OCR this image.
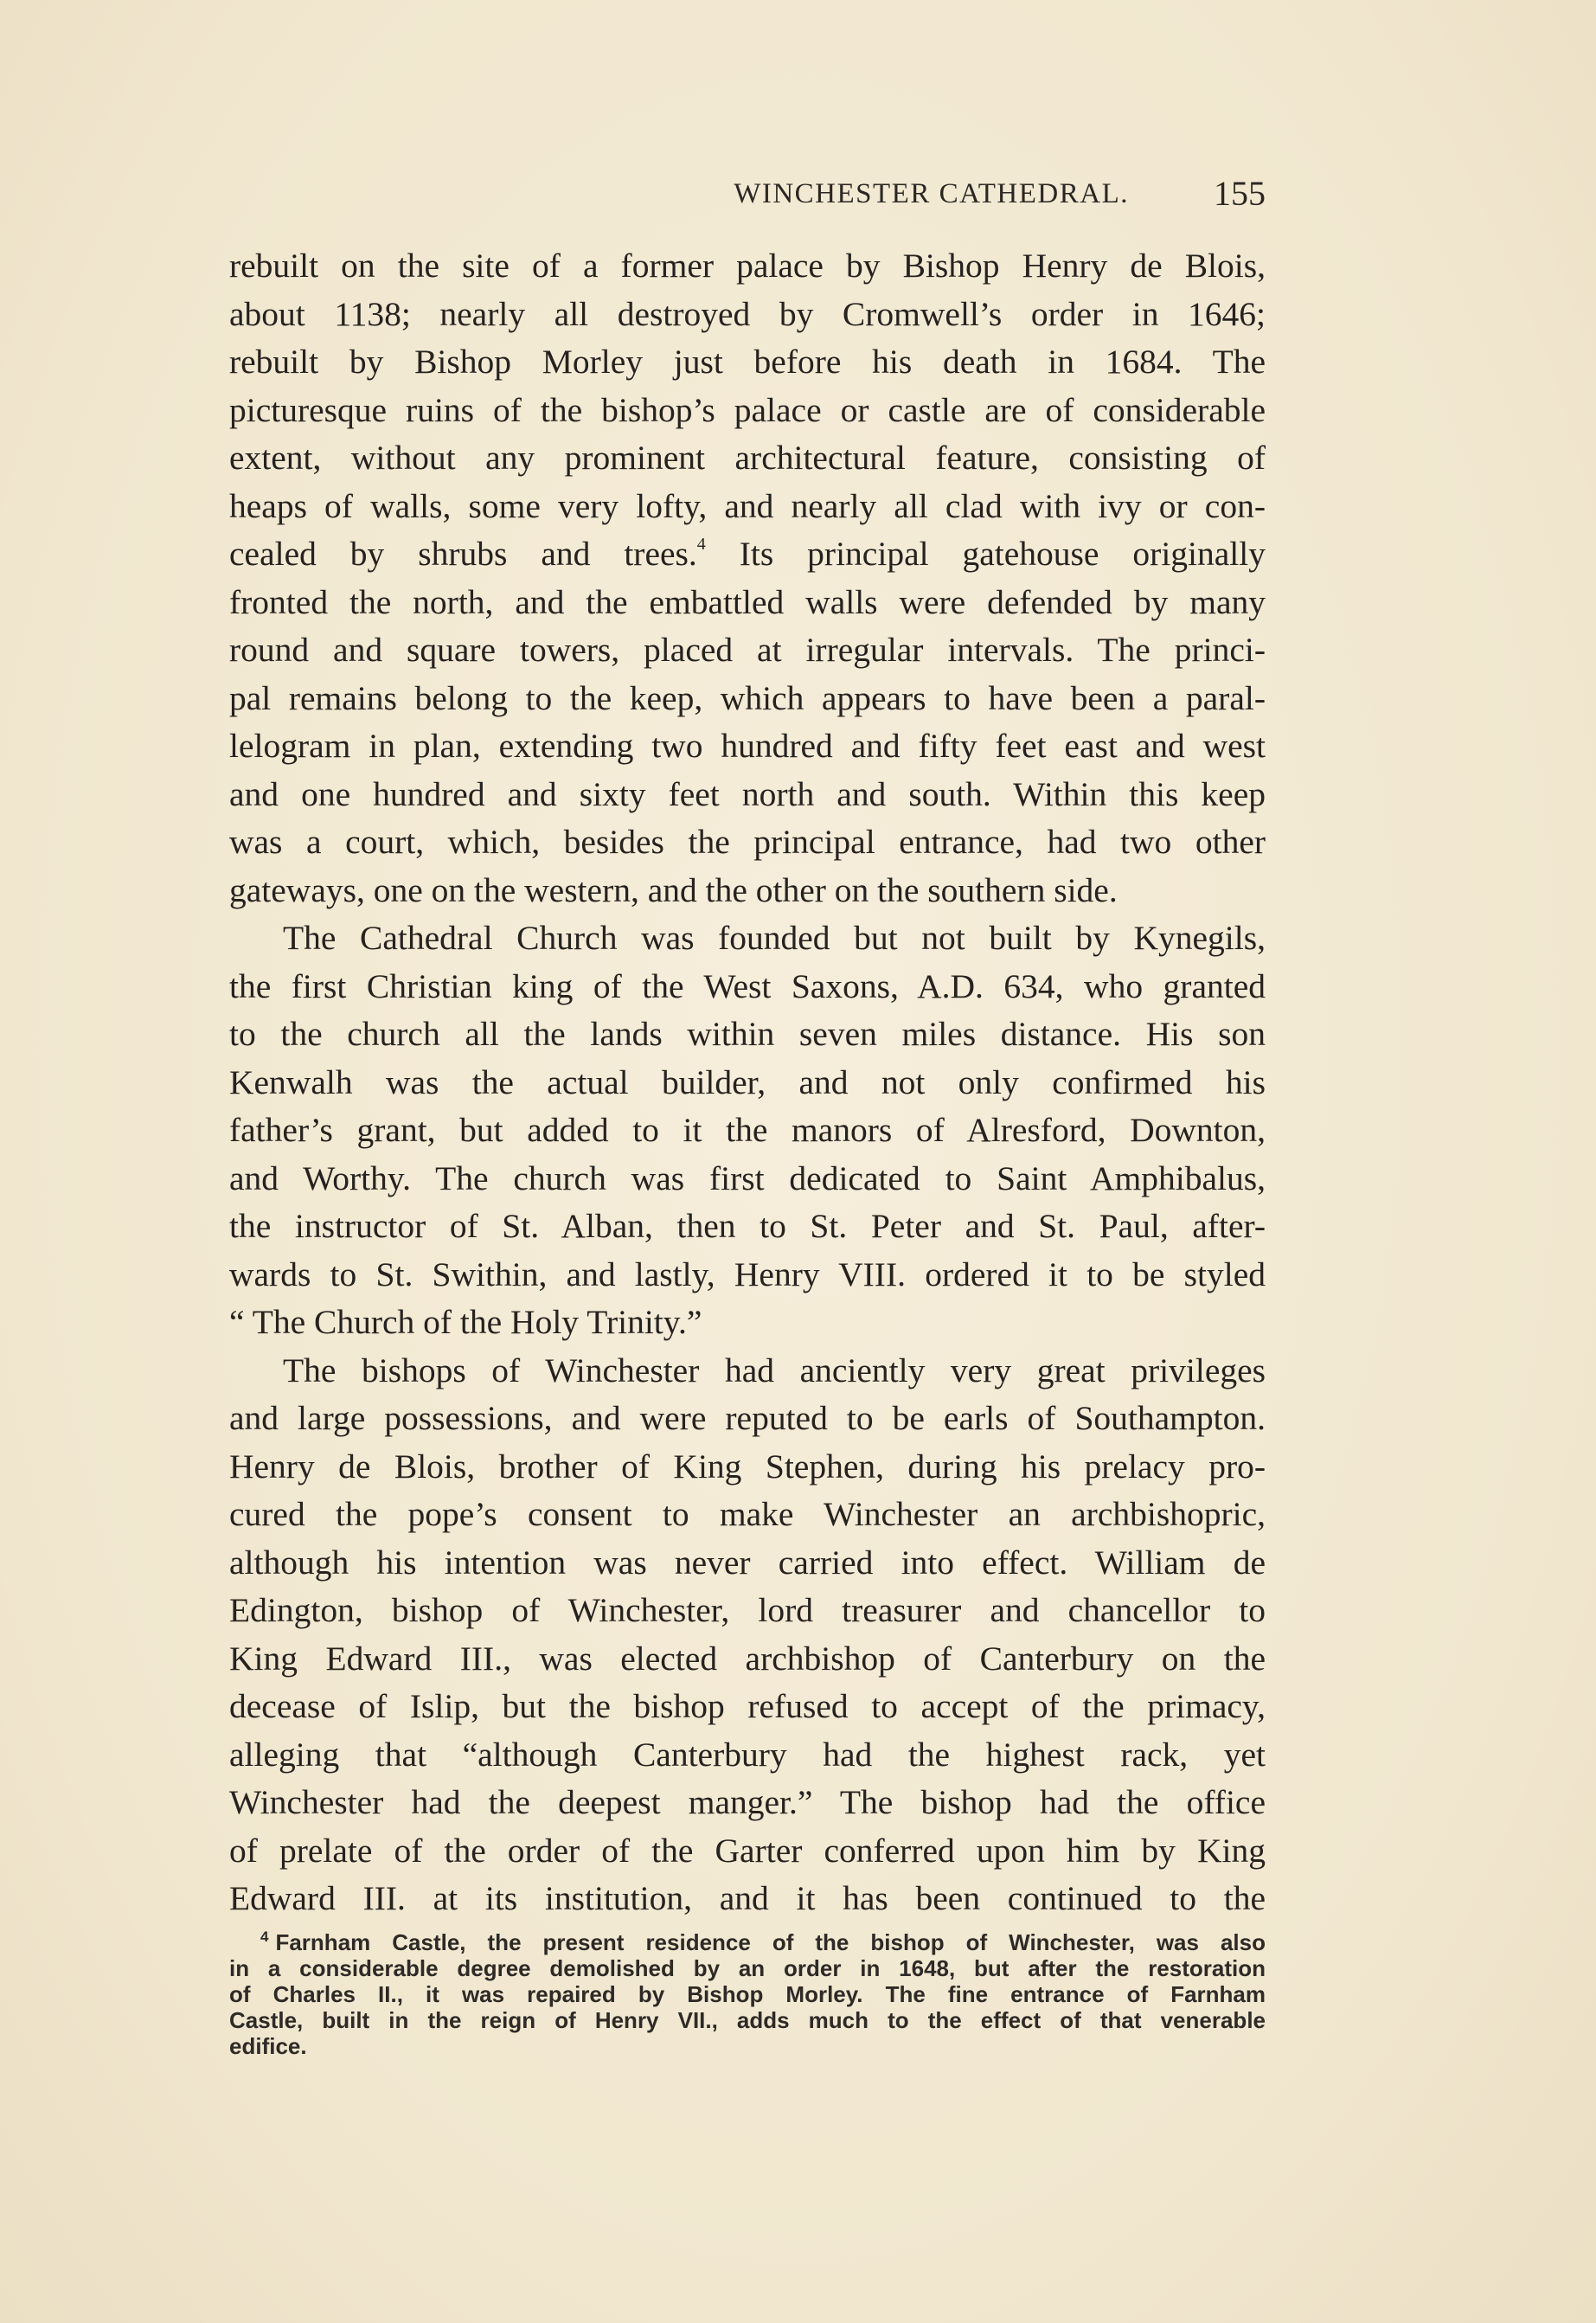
WINCHESTER CATHEDRAL. 155

rebuilt on the site of a former palace by Bishop Henry de Blois,
about 1138; nearly all destroyed by Cromwell’s order in 1646;
rebuilt by Bishop Morley just before his death in 1684. The
picturesque ruins of the bishop’s palace or castle are of considerable
extent, without any prominent architectural feature, consisting of
heaps of walls, some very lofty, and nearly all clad with ivy or con-
cealed by shrubs and trees.$^4$ Its principal gatehouse originally
fronted the north, and the embattled walls were defended by many
round and square towers, placed at irregular intervals. The princi-
pal remains belong to the keep, which appears to have been a paral-
lelogram in plan, extending two hundred and fifty feet east and west
and one hundred and sixty feet north and south. Within this keep
was a court, which, besides the principal entrance, had two other
gateways, one on the western, and the other on the southern side.

The Cathedral Church was founded but not built by Kynegils,
the first Christian king of the West Saxons, A.D. 634, who granted
to the church all the lands within seven miles distance. His son
Kenwalh was the actual builder, and not only confirmed his
father’s grant, but added to it the manors of Alresford, Downton,
and Worthy. The church was first dedicated to Saint Amphibalus,
the instructor of St. Alban, then to St. Peter and St. Paul, after-
wards to St. Swithin, and lastly, Henry VIII. ordered it to be styled
“ The Church of the Holy Trinity.”

The bishops of Winchester had anciently very great privileges
and large possessions, and were reputed to be earls of Southampton.
Henry de Blois, brother of King Stephen, during his prelacy pro-
cured the pope’s consent to make Winchester an archbishopric,
although his intention was never carried into effect. William de
Edington, bishop of Winchester, lord treasurer and chancellor to
King Edward III., was elected archbishop of Canterbury on the
decease of Islip, but the bishop refused to accept of the primacy,
alleging that “although Canterbury had the highest rack, yet
Winchester had the deepest manger.” The bishop had the office
of prelate of the order of the Garter conferred upon him by King
Edward III. at its institution, and it has been continued to the

$^4$ Farnham Castle, the present residence of the bishop of Winchester, was also
in a considerable degree demolished by an order in 1648, but after the restoration
of Charles II., it was repaired by Bishop Morley. The fine entrance of Farnham
Castle, built in the reign of Henry VII., adds much to the effect of that venerable
edifice.
